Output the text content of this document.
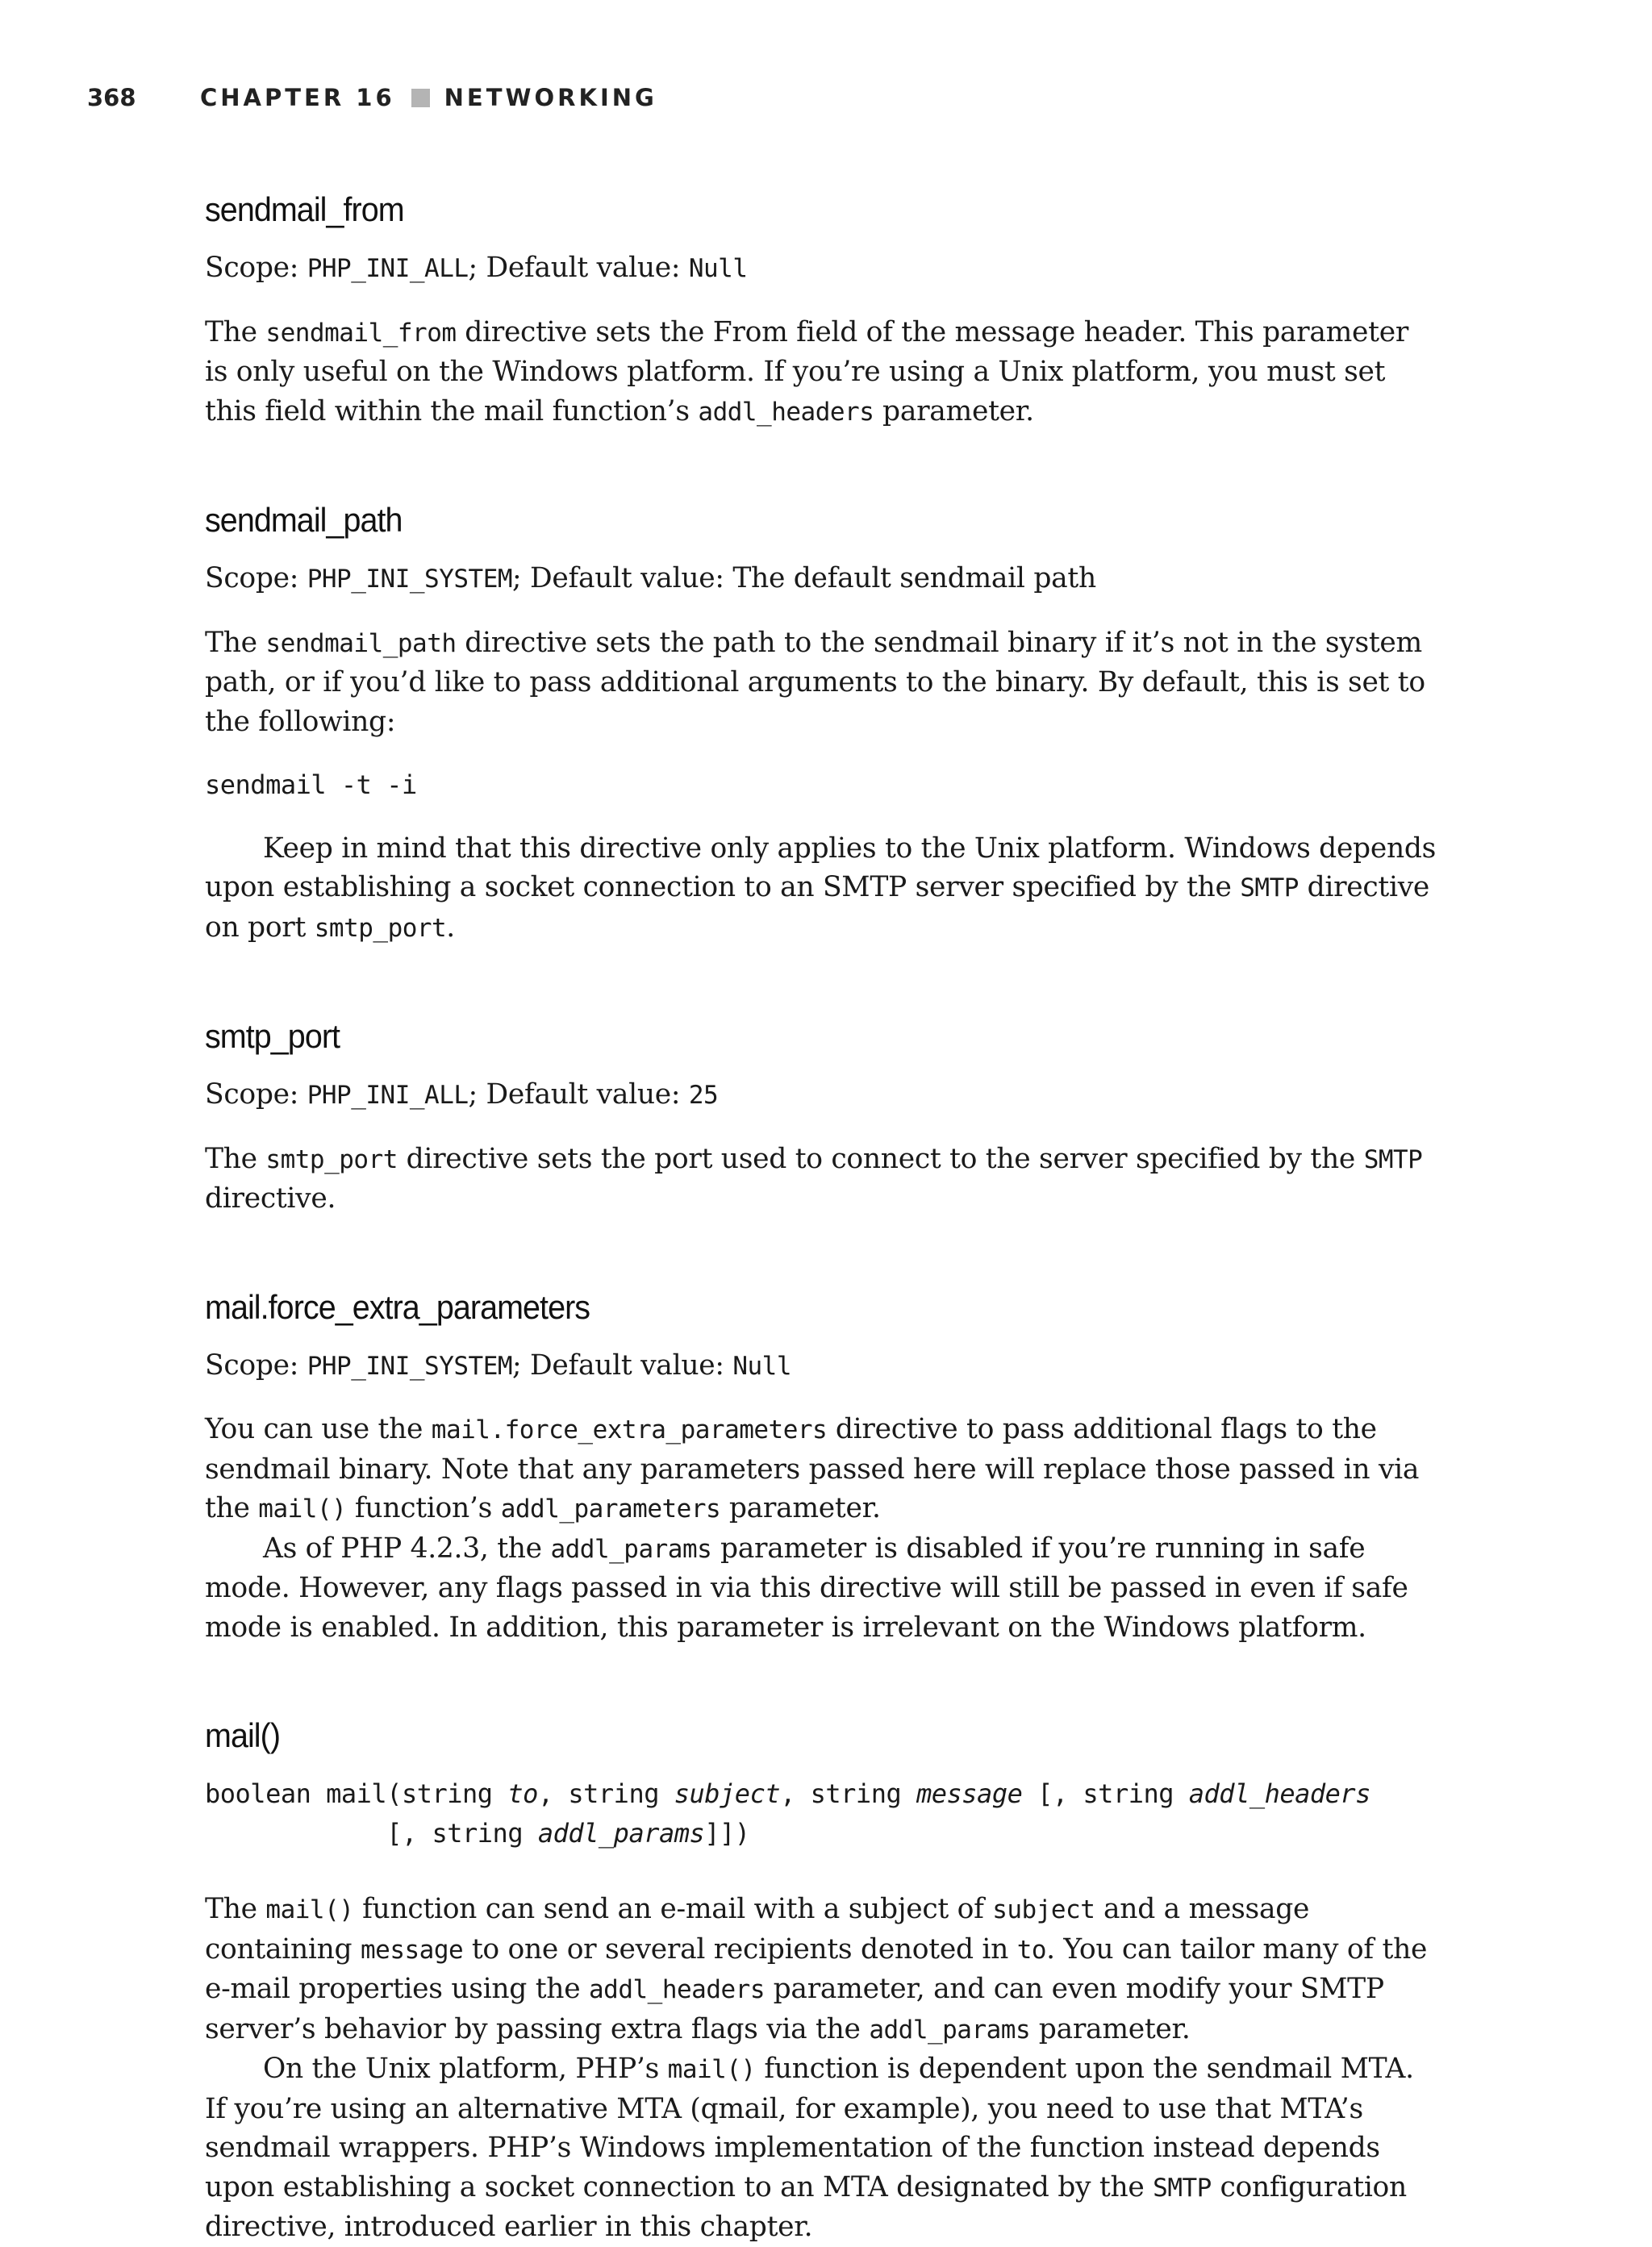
368	CHAPTER 16 NETWORKING
sendmail_from

Scope: PHP_INI_ALL; Default value: Null

The sendmail_from directive sets the From field of the message header. This parameter is only useful on the Windows platform. If you’re using a Unix platform, you must set this field within the mail function’s addl_headers parameter.

sendmail_path

Scope: PHP_INI_SYSTEM; Default value: The default sendmail path

The sendmail_path directive sets the path to the sendmail binary if it’s not in the system path, or if you’d like to pass additional arguments to the binary. By default, this is set to the following:

sendmail -t -i

Keep in mind that this directive only applies to the Unix platform. Windows depends upon establishing a socket connection to an SMTP server specified by the SMTP directive on port smtp_port.

smtp_port

Scope: PHP_INI_ALL; Default value: 25

The smtp_port directive sets the port used to connect to the server specified by the SMTP directive.

mail.force_extra_parameters

Scope: PHP_INI_SYSTEM; Default value: Null

You can use the mail.force_extra_parameters directive to pass additional flags to the sendmail binary. Note that any parameters passed here will replace those passed in via the mail() function’s addl_parameters parameter.

As of PHP 4.2.3, the addl_params parameter is disabled if you’re running in safe mode. However, any flags passed in via this directive will still be passed in even if safe mode is enabled. In addition, this parameter is irrelevant on the Windows platform.

mail()
boolean mail(string to, string subject, string message [, string addl_headers
[, string addl_params]])

The mail() function can send an e-mail with a subject of subject and a message containing message to one or several recipients denoted in to. You can tailor many of the e-mail properties using the addl_headers parameter, and can even modify your SMTP server’s behavior by passing extra flags via the addl_params parameter.

On the Unix platform, PHP’s mail() function is dependent upon the sendmail MTA. If you’re using an alternative MTA (qmail, for example), you need to use that MTA’s sendmail wrappers. PHP’s Windows implementation of the function instead depends upon establishing a socket connection to an MTA designated by the SMTP configuration directive, introduced earlier in this chapter.
